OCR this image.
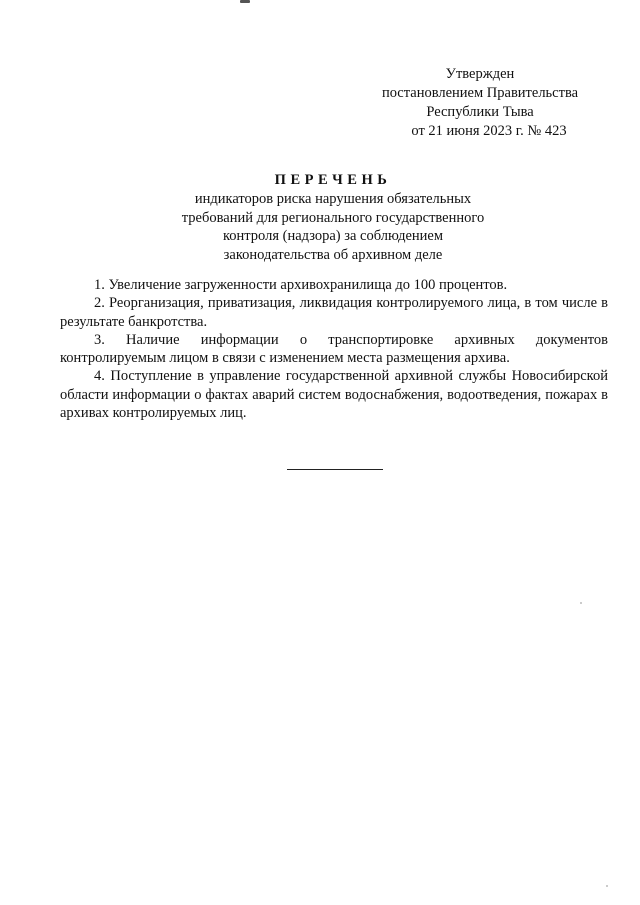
Утвержден
постановлением Правительства
Республики Тыва
от 21 июня 2023 г. № 423
ПЕРЕЧЕНЬ
индикаторов риска нарушения обязательных
требований для регионального государственного
контроля (надзора) за соблюдением
законодательства об архивном деле
1. Увеличение загруженности архивохранилища до 100 процентов.
2. Реорганизация, приватизация, ликвидация контролируемого лица, в том числе в результате банкротства.
3. Наличие информации о транспортировке архивных документов контролируемым лицом в связи с изменением места размещения архива.
4. Поступление в управление государственной архивной службы Новосибирской области информации о фактах аварий систем водоснабжения, водоотведения, пожарах в архивах контролируемых лиц.
